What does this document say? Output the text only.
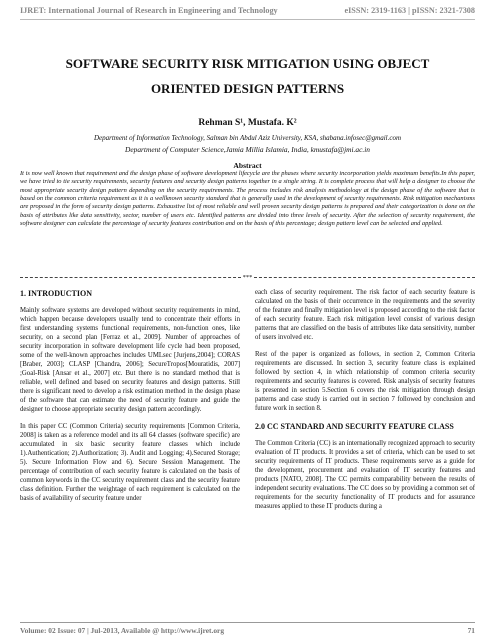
IJRET: International Journal of Research in Engineering and Technology	eISSN: 2319-1163 | pISSN: 2321-7308
SOFTWARE SECURITY RISK MITIGATION USING OBJECT
ORIENTED DESIGN PATTERNS
Rehman S¹, Mustafa. K²
Department of Information Technology, Salman bin Abdul Aziz University, KSA, shabana.infosec@gmail.com
Department of Computer Science,Jamia Millia Islamia, India, kmustafa@jmi.ac.in
Abstract
It is now well known that requirement and the design phase of software development lifecycle are the phases where security incorporation yields maximum benefits.In this paper, we have tried to tie security requirements, security features and security design patterns together in a single string. It is complete process that will help a designer to choose the most appropriate security design pattern depending on the security requirements. The process includes risk analysis methodology at the design phase of the software that is based on the common criteria requirement as it is a wellknown security standard that is generally used in the development of security requirements. Risk mitigation mechanisms are proposed in the form of security design patterns. Exhaustive list of most reliable and well proven security design patterns is prepared and their categorization is done on the basis of attributes like data sensitivity, sector, number of users etc. Identified patterns are divided into three levels of security. After the selection of security requirement, the software designer can calculate the percentage of security features contribution and on the basis of this percentage; design pattern level can be selected and applied.
***
1. INTRODUCTION

Mainly software systems are developed without security requirements in mind, which happen because developers usually tend to concentrate their efforts in first understanding systems functional requirements, non-function ones, like security, on a second plan [Ferraz et al., 2009]. Number of approaches of security incorporation in software development life cycle had been proposed, some of the well-known approaches includes UMLsec [Jurjens,2004]; CORAS [Braber, 2003]; CLASP [Chandra, 2006]; SecureTropos[Mouratidis, 2007] ;Goal-Risk [Ansar et al., 2007] etc. But there is no standard method that is reliable, well defined and based on security features and design patterns. Still there is significant need to develop a risk estimation method in the design phase of the software that can estimate the need of security feature and guide the designer to choose appropriate security design pattern accordingly.

In this paper CC (Common Criteria) security requirements [Common Criteria, 2008] is taken as a reference model and its all 64 classes (software specific) are accumulated in six basic security feature classes which include 1).Authentication; 2).Authorization; 3). Audit and Logging; 4).Secured Storage; 5). Secure Information Flow and 6). Secure Session Management. The percentage of contribution of each security feature is calculated on the basis of common keywords in the CC security requirement class and the security feature class definition. Further the weightage of each requirement is calculated on the basis of availability of security feature under

each class of security requirement. The risk factor of each security feature is calculated on the basis of their occurrence in the requirements and the severity of the feature and finally mitigation level is proposed according to the risk factor of each security feature. Each risk mitigation level consist of various design patterns that are classified on the basis of attributes like data sensitivity, number of users involved etc.

Rest of the paper is organized as follows, in section 2, Common Criteria requirements are discussed. In section 3, security feature class is explained followed by section 4, in which relationship of common criteria security requirements and security features is covered. Risk analysis of security features is presented in section 5.Section 6 covers the risk mitigation through design patterns and case study is carried out in section 7 followed by conclusion and future work in section 8.

2.0 CC STANDARD AND SECURITY FEATURE CLASS

The Common Criteria (CC) is an internationally recognized approach to security evaluation of IT products. It provides a set of criteria, which can be used to set security requirements of IT products. These requirements serve as a guide for the development, procurement and evaluation of IT security features and products [NATO, 2008]. The CC permits comparability between the results of independent security evaluations. The CC does so by providing a common set of requirements for the security functionality of IT products and for assurance measures applied to these IT products during a

Volume: 02 Issue: 07 | Jul-2013, Available @ http://www.ijret.org	71
